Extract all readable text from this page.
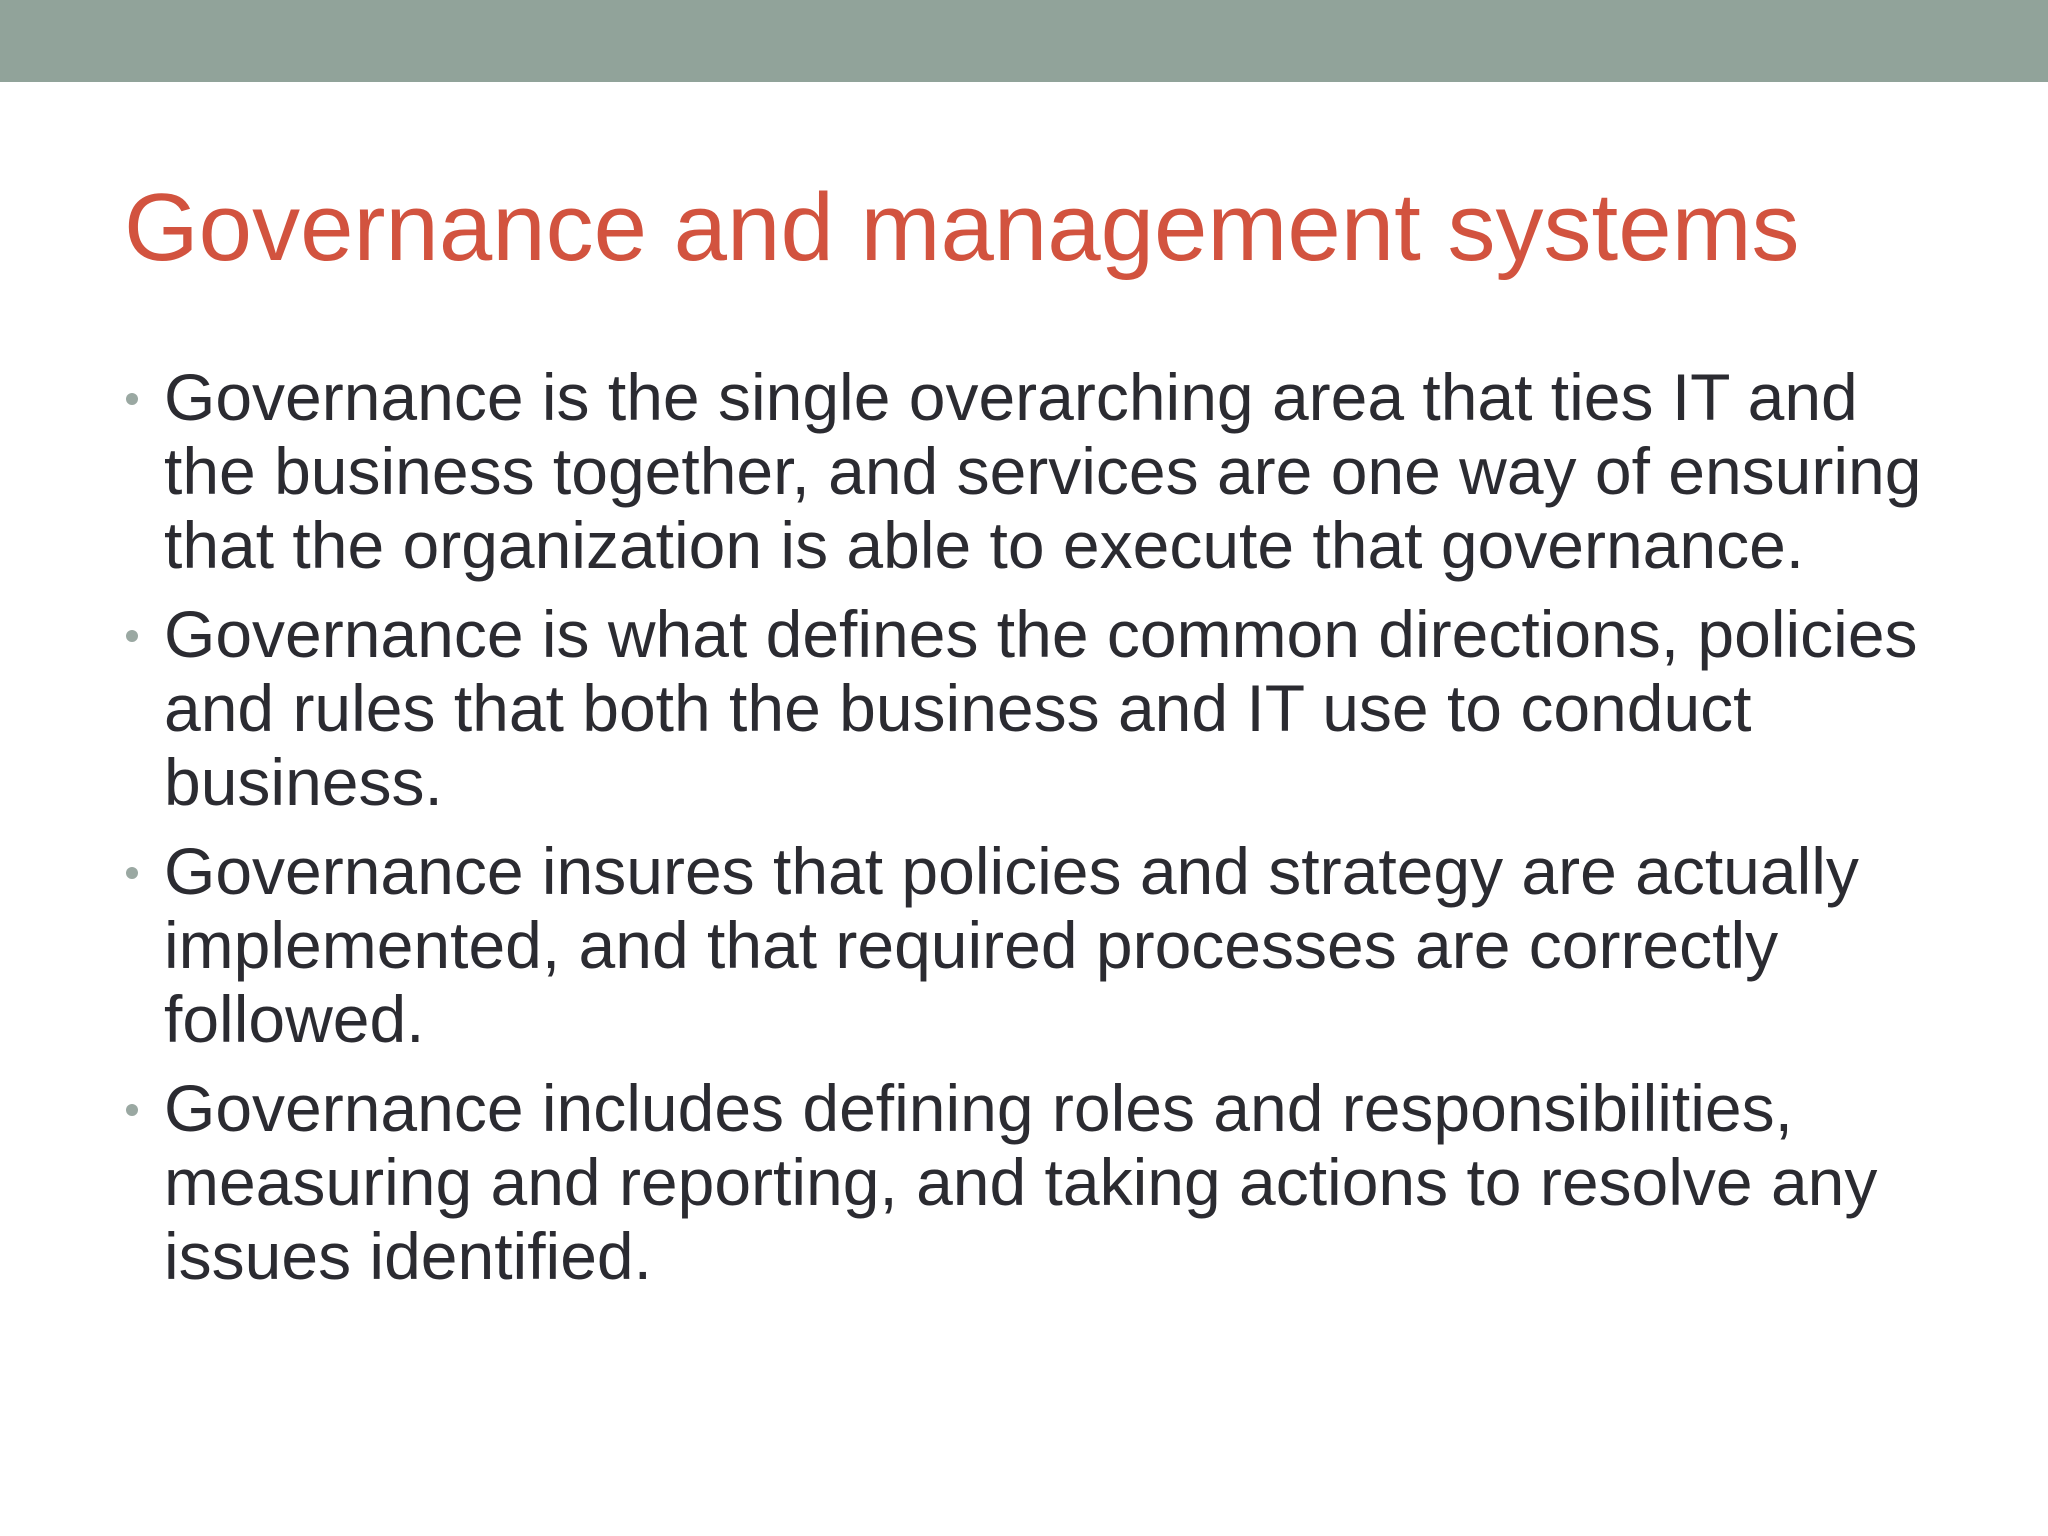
Governance and management systems
Governance is the single overarching area that ties IT and the business together, and services are one way of ensuring that the organization is able to execute that governance.
Governance is what defines the common directions, policies and rules that both the business and IT use to conduct business.
Governance insures that policies and strategy are actually implemented, and that required processes are correctly followed.
Governance includes defining roles and responsibilities, measuring and reporting, and taking actions to resolve any issues identified.
